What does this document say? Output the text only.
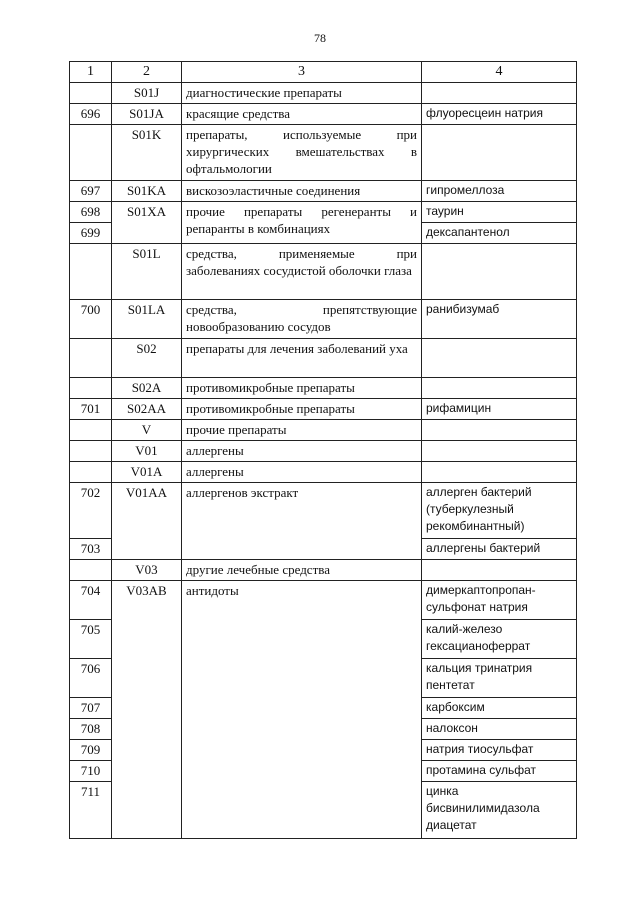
78
1	2	3	4
	S01J	диагностические препараты	
696	S01JA	красящие средства	флуоресцеин натрия
	S01K	препараты, используемые при хирургических вмешательствах в офтальмологии	
697	S01KA	вискозоэластичные соединения	гипромеллоза
698	S01XA	прочие препараты регенеранты и репаранты в комбинациях	таурин
699			дексапантенол
	S01L	средства, применяемые при заболеваниях сосудистой оболочки глаза	
700	S01LA	средства, препятствующие новообразованию сосудов	ранибизумаб
	S02	препараты для лечения заболеваний уха	
	S02A	противомикробные препараты	
701	S02AA	противомикробные препараты	рифамицин
	V	прочие препараты	
	V01	аллергены	
	V01A	аллергены	
702	V01AA	аллергенов экстракт	аллерген бактерий (туберкулезный рекомбинантный)
703			аллергены бактерий
	V03	другие лечебные средства	
704	V03AB	антидоты	димеркаптопропан-сульфонат натрия
705			калий-железо гексацианоферрат
706			кальция тринатрия пентетат
707			карбоксим
708			налоксон
709			натрия тиосульфат
710			протамина сульфат
711			цинка бисвинилимидазола диацетат
